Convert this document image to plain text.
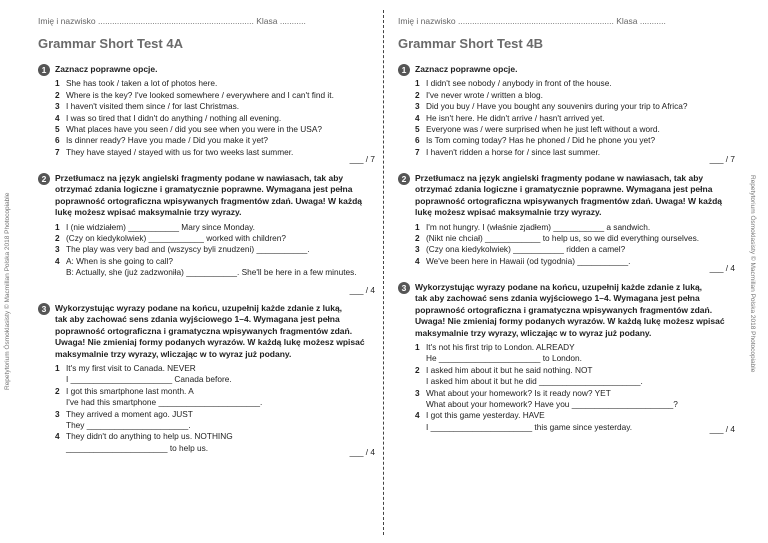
Repetytorium Ósmoklasisty © Macmillan Polska 2018 Photocopiable	Repetytorium Ósmoklasisty © Macmillan Polska 2018 Photocopiable
Imię i nazwisko .................................................................. Klasa ...........
Grammar Short Test 4A
1	Zaznacz poprawne opcje.
1 She has took / taken a lot of photos here.
2 Where is the key? I've looked somewhere / everywhere and I can't find it.
3 I haven't visited them since / for last Christmas.
4 I was so tired that I didn't do anything / nothing all evening.
5 What places have you seen / did you see when you were in the USA?
6 Is dinner ready? Have you made / Did you make it yet?
7 They have stayed / stayed with us for two weeks last summer.
___ / 7
2	Przetłumacz na język angielski fragmenty podane w nawiasach, tak aby
otrzymać zdania logiczne i gramatycznie poprawne. Wymagana jest pełna
poprawność ortograficzna wpisywanych fragmentów zdań. Uwaga! W każdą
lukę możesz wpisać maksymalnie trzy wyrazy.
1 I (nie widziałem) ___________ Mary since Monday.
2 (Czy on kiedykolwiek) ____________ worked with children?
3 The play was very bad and (wszyscy byli znudzeni) ___________.
4 A: When is she going to call?
B: Actually, she (już zadzwoniła) ___________. She'll be here in a few minutes.
___ / 4
3	Wykorzystując wyrazy podane na końcu, uzupełnij każde zdanie z luką,
tak aby zachować sens zdania wyjściowego 1–4. Wymagana jest pełna
poprawność ortograficzna i gramatyczna wpisywanych fragmentów zdań.
Uwaga! Nie zmieniaj formy podanych wyrazów. W każdą lukę możesz wpisać
maksymalnie trzy wyrazy, wliczając w to wyraz już podany.
1 It's my first visit to Canada. NEVER
I ______________________ Canada before.
2 I got this smartphone last month. A
I've had this smartphone ______________________.
3 They arrived a moment ago. JUST
They ______________________.
4 They didn't do anything to help us. NOTHING
______________________ to help us.	___ / 4
Imię i nazwisko .................................................................. Klasa ...........
Grammar Short Test 4B
1	Zaznacz poprawne opcje.
1 I didn't see nobody / anybody in front of the house.
2 I've never wrote / written a blog.
3 Did you buy / Have you bought any souvenirs during your trip to Africa?
4 He isn't here. He didn't arrive / hasn't arrived yet.
5 Everyone was / were surprised when he just left without a word.
6 Is Tom coming today? Has he phoned / Did he phone you yet?
7 I haven't ridden a horse for / since last summer.
___ / 7
2	Przetłumacz na język angielski fragmenty podane w nawiasach, tak aby
otrzymać zdania logiczne i gramatycznie poprawne. Wymagana jest pełna
poprawność ortograficzna wpisywanych fragmentów zdań. Uwaga! W każdą
lukę możesz wpisać maksymalnie trzy wyrazy.
1 I'm not hungry. I (właśnie zjadłem) ___________ a sandwich.
2 (Nikt nie chciał) ____________ to help us, so we did everything ourselves.
3 (Czy ona kiedykolwiek) ___________ ridden a camel?
4 We've been here in Hawaii (od tygodnia) ___________.
___ / 4
3	Wykorzystując wyrazy podane na końcu, uzupełnij każde zdanie z luką,
tak aby zachować sens zdania wyjściowego 1–4. Wymagana jest pełna
poprawność ortograficzna i gramatyczna wpisywanych fragmentów zdań.
Uwaga! Nie zmieniaj formy podanych wyrazów. W każdą lukę możesz wpisać
maksymalnie trzy wyrazy, wliczając w to wyraz już podany.
1 It's not his first trip to London. ALREADY
He ______________________ to London.
2 I asked him about it but he said nothing. NOT
I asked him about it but he did ______________________.
3 What about your homework? Is it ready now? YET
What about your homework? Have you ______________________?
4 I got this game yesterday. HAVE
I ______________________ this game since yesterday.	___ / 4
